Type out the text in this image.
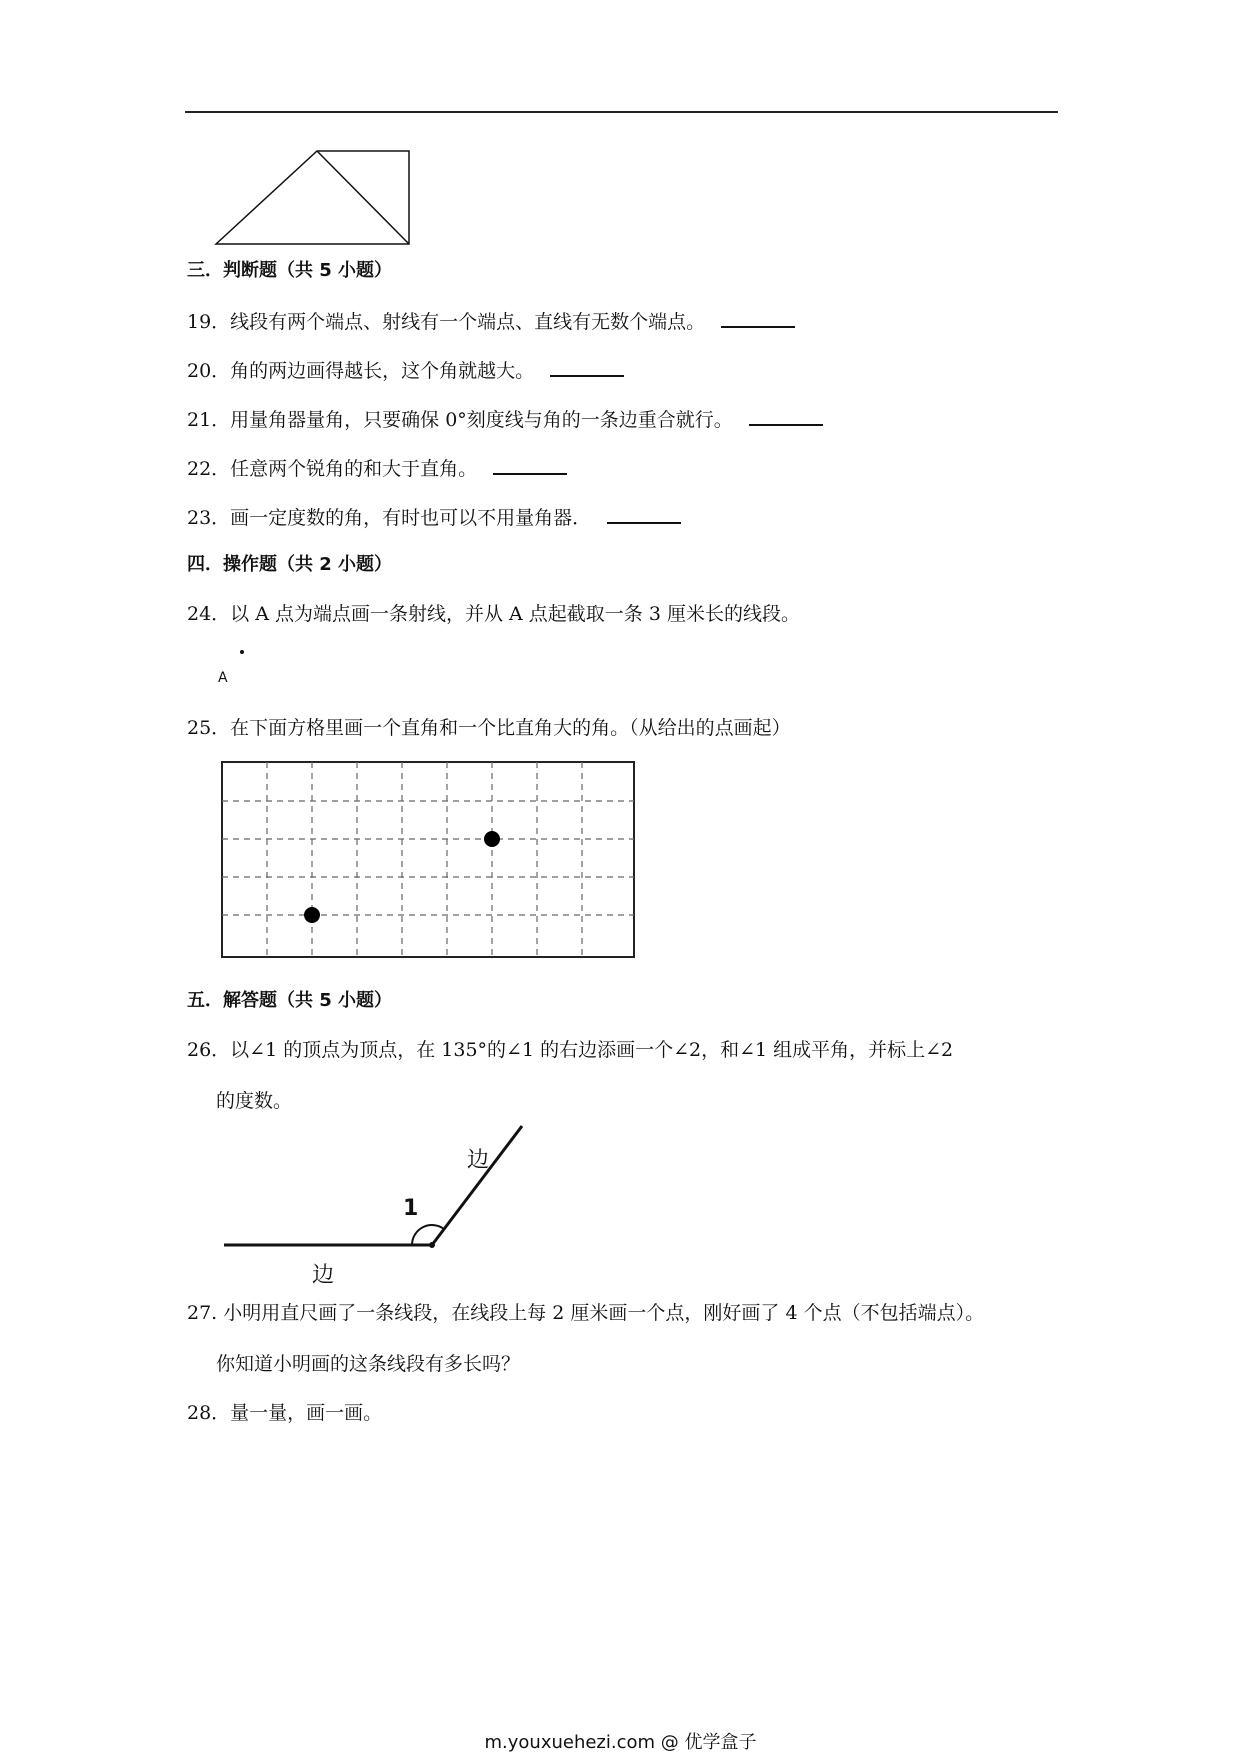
三．判断题（共 5 小题）
19．线段有两个端点、射线有一个端点、直线有无数个端点。
20．角的两边画得越长，这个角就越大。
21．用量角器量角，只要确保 0°刻度线与角的一条边重合就行。
22．任意两个锐角的和大于直角。
23．画一定度数的角，有时也可以不用量角器．
四．操作题（共 2 小题）
24．以 A 点为端点画一条射线，并从 A 点起截取一条 3 厘米长的线段。
A
25．在下面方格里画一个直角和一个比直角大的角。（从给出的点画起）
五．解答题（共 5 小题）
26．以∠1 的顶点为顶点，在 135°的∠1 的右边添画一个∠2，和∠1 组成平角，并标上∠2
的度数。
1
边
边
27. 小明用直尺画了一条线段，在线段上每 2 厘米画一个点，刚好画了 4 个点（不包括端点）。
你知道小明画的这条线段有多长吗？
28．量一量，画一画。
m.youxuehezi.com @ 优学盒子
